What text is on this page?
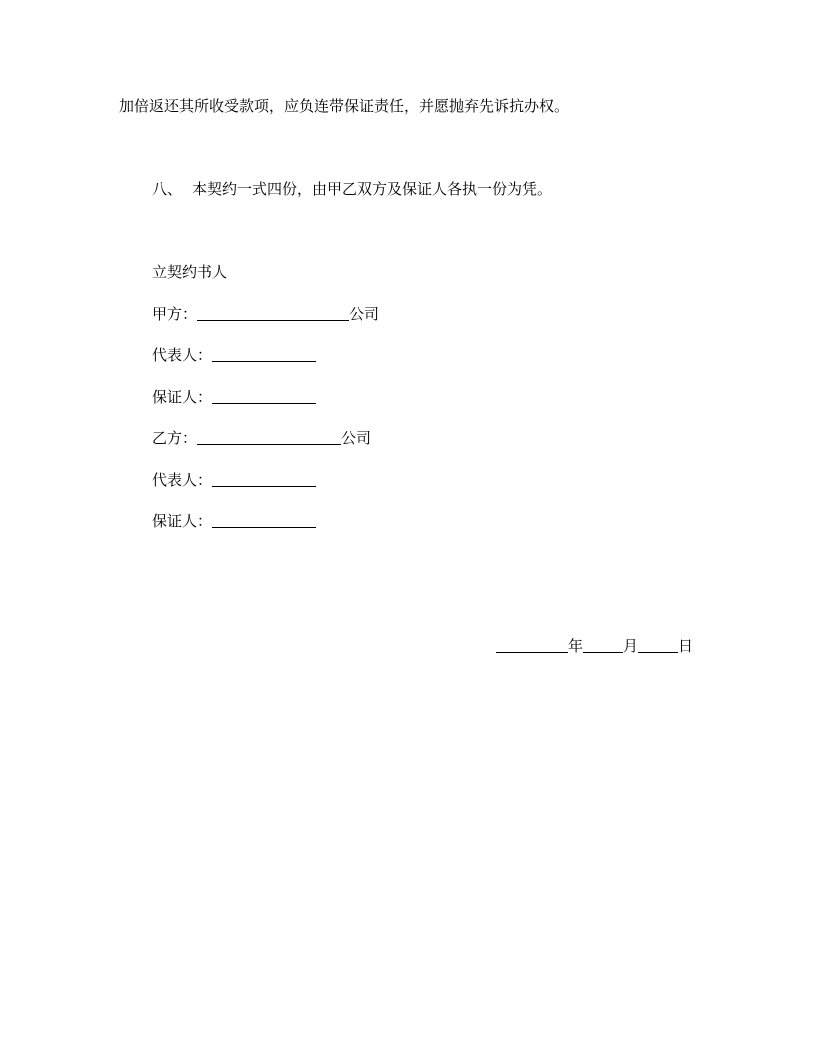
加倍返还其所收受款项，应负连带保证责任，并愿抛弃先诉抗办权。
八、 本契约一式四份，由甲乙双方及保证人各执一份为凭。
立契约书人
甲方：	公司
代表人：
保证人：
乙方：	公司
代表人：
保证人：
年	月	日
